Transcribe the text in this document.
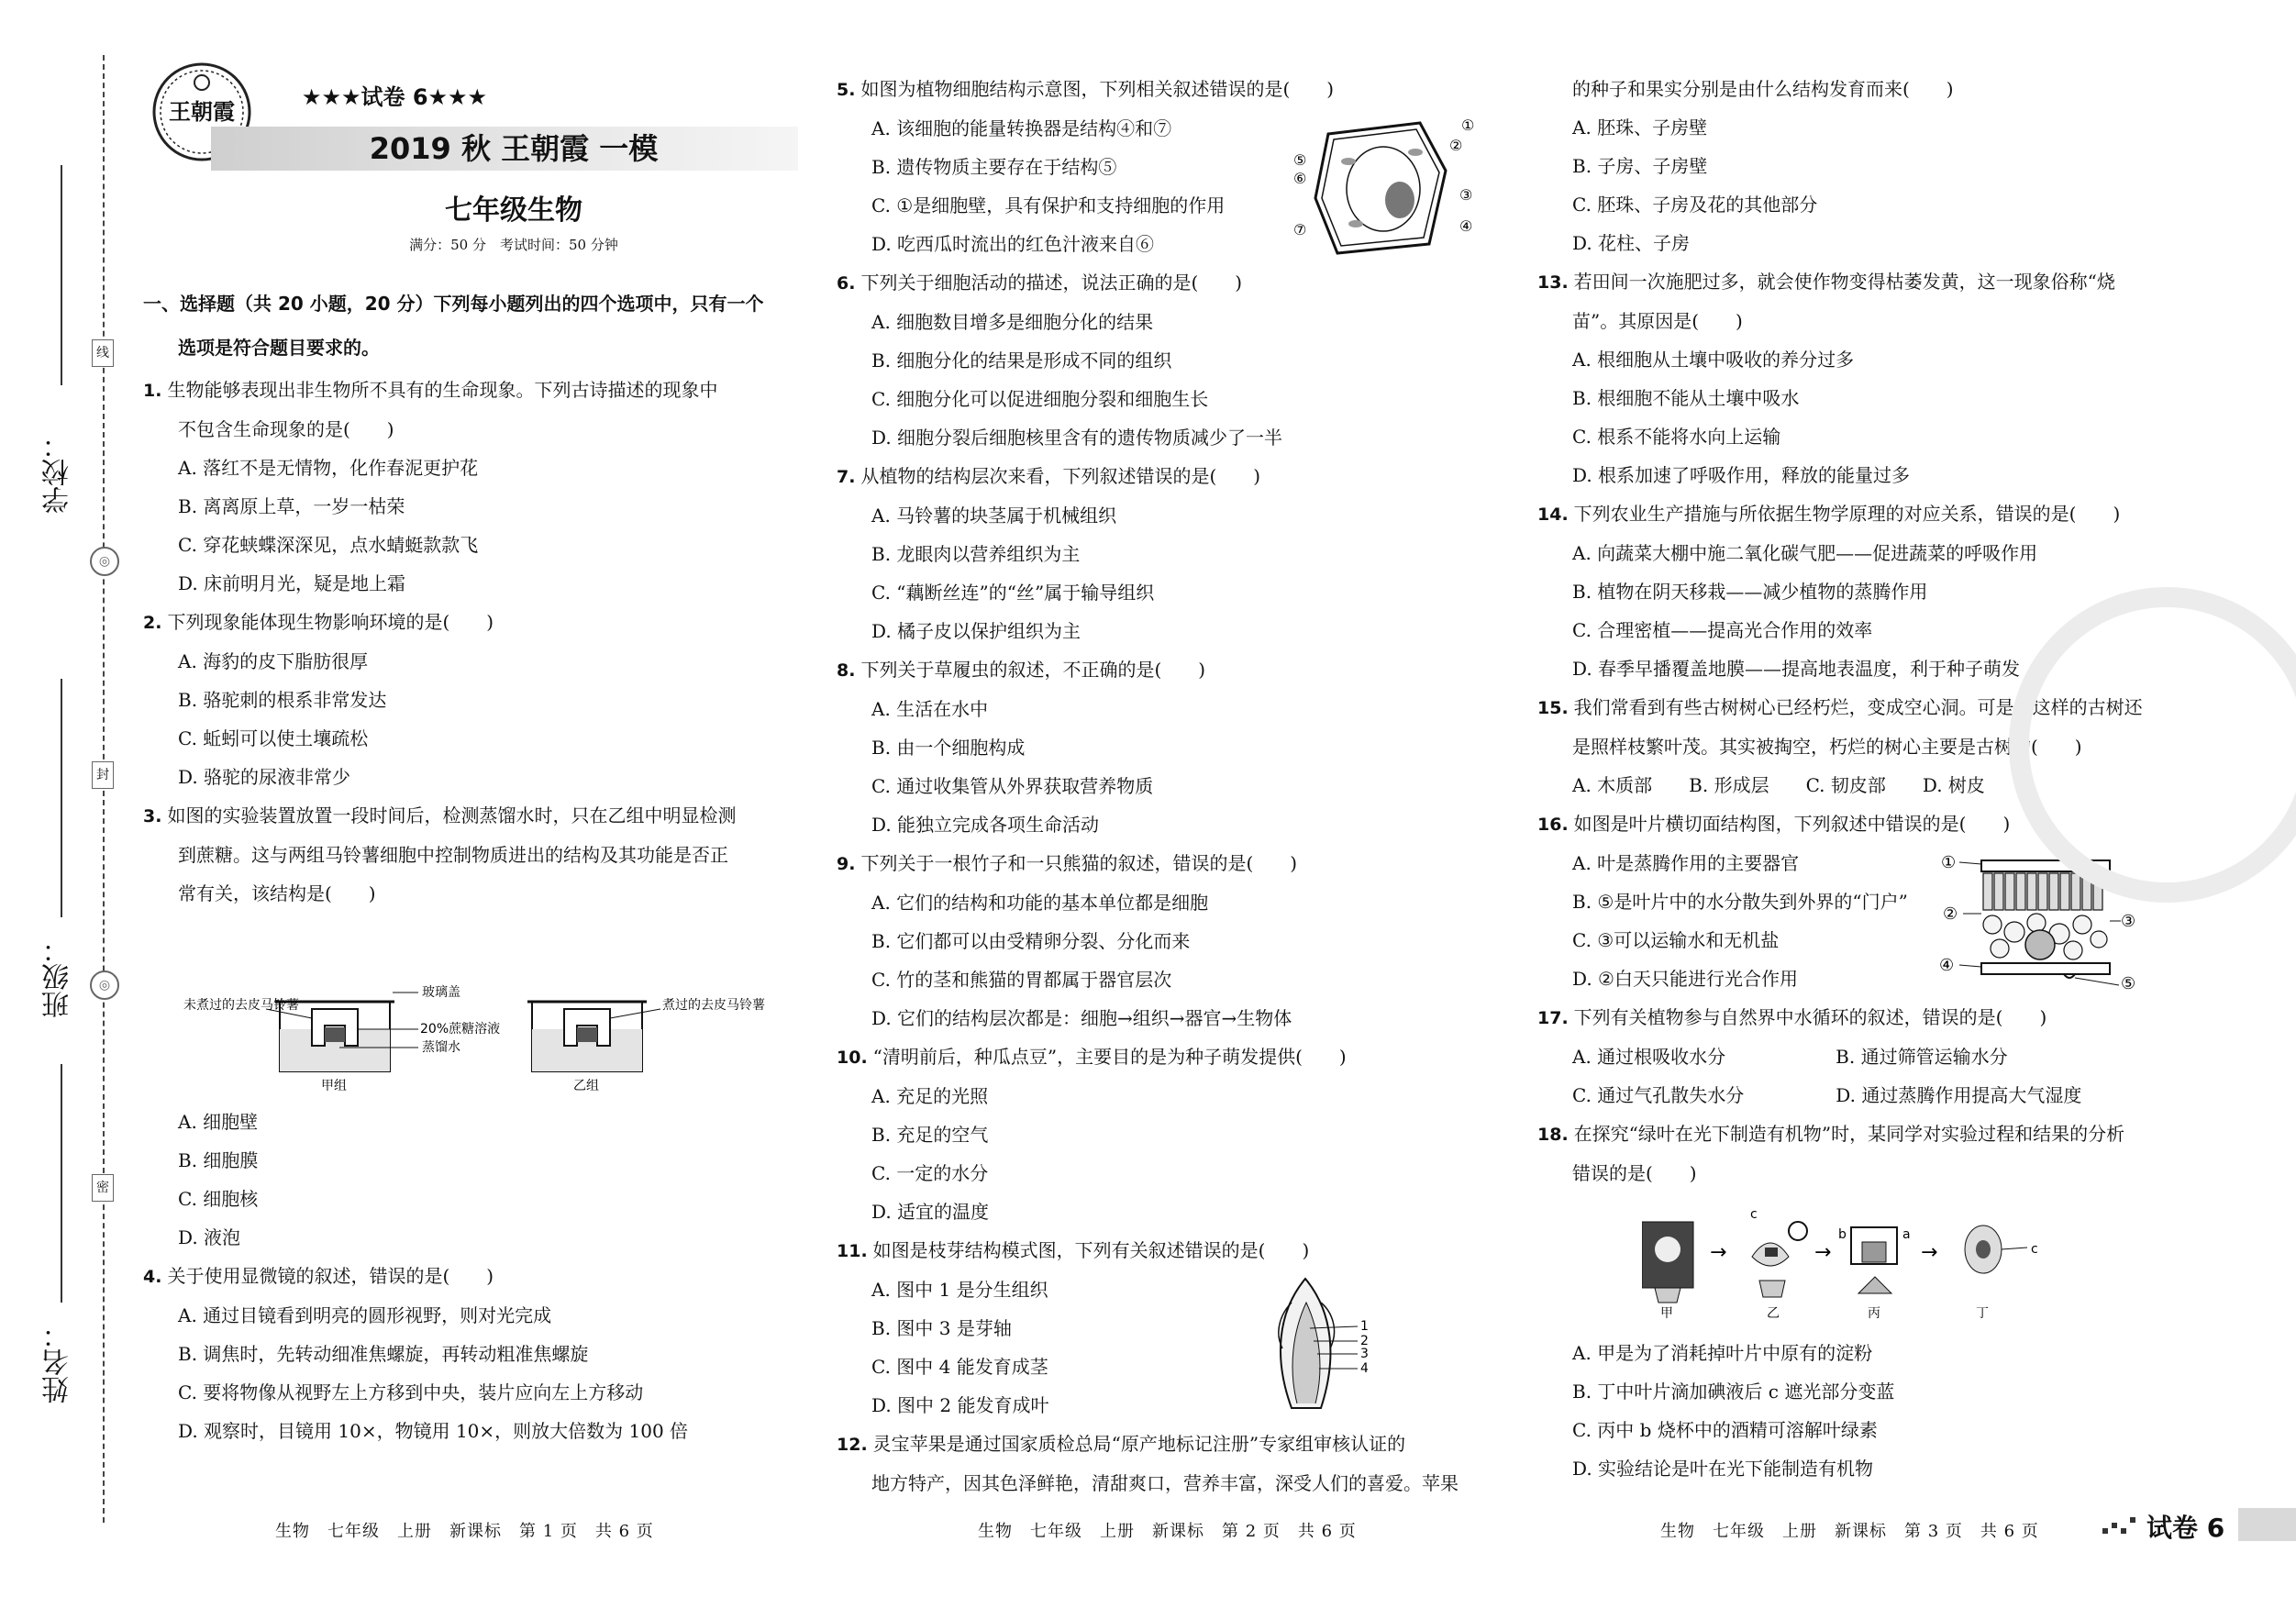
学校：
班级：
姓名：
线
封
密
◎
◎
王朝霞
★★★试卷 6★★★
2019 秋 王朝霞 一模
七年级生物
满分：50 分　考试时间：50 分钟
一、选择题（共 20 小题，20 分）下列每小题列出的四个选项中，只有一个
选项是符合题目要求的。
1. 生物能够表现出非生物所不具有的生命现象。下列古诗描述的现象中
不包含生命现象的是(　　)
A. 落红不是无情物，化作春泥更护花
B. 离离原上草，一岁一枯荣
C. 穿花蛱蝶深深见，点水蜻蜓款款飞
D. 床前明月光，疑是地上霜
2. 下列现象能体现生物影响环境的是(　　)
A. 海豹的皮下脂肪很厚
B. 骆驼刺的根系非常发达
C. 蚯蚓可以使土壤疏松
D. 骆驼的尿液非常少
3. 如图的实验装置放置一段时间后，检测蒸馏水时，只在乙组中明显检测
到蔗糖。这与两组马铃薯细胞中控制物质进出的结构及其功能是否正
常有关，该结构是(　　)
玻璃盖
20%蔗糖溶液
蒸馏水
未煮过的去皮马铃薯	煮过的去皮马铃薯
甲组	乙组
A. 细胞壁
B. 细胞膜
C. 细胞核
D. 液泡
4. 关于使用显微镜的叙述，错误的是(　　)
A. 通过目镜看到明亮的圆形视野，则对光完成
B. 调焦时，先转动细准焦螺旋，再转动粗准焦螺旋
C. 要将物像从视野左上方移到中央，装片应向左上方移动
D. 观察时，目镜用 10×，物镜用 10×，则放大倍数为 100 倍
5. 如图为植物细胞结构示意图，下列相关叙述错误的是(　　)
A. 该细胞的能量转换器是结构④和⑦
B. 遗传物质主要存在于结构⑤
C. ①是细胞壁，具有保护和支持细胞的作用
D. 吃西瓜时流出的红色汁液来自⑥
6. 下列关于细胞活动的描述，说法正确的是(　　)
A. 细胞数目增多是细胞分化的结果
B. 细胞分化的结果是形成不同的组织
C. 细胞分化可以促进细胞分裂和细胞生长
D. 细胞分裂后细胞核里含有的遗传物质减少了一半
7. 从植物的结构层次来看，下列叙述错误的是(　　)
A. 马铃薯的块茎属于机械组织
B. 龙眼肉以营养组织为主
C. “藕断丝连”的“丝”属于输导组织
D. 橘子皮以保护组织为主
8. 下列关于草履虫的叙述，不正确的是(　　)
A. 生活在水中
B. 由一个细胞构成
C. 通过收集管从外界获取营养物质
D. 能独立完成各项生命活动
9. 下列关于一根竹子和一只熊猫的叙述，错误的是(　　)
A. 它们的结构和功能的基本单位都是细胞
B. 它们都可以由受精卵分裂、分化而来
C. 竹的茎和熊猫的胃都属于器官层次
D. 它们的结构层次都是：细胞→组织→器官→生物体
10. “清明前后，种瓜点豆”，主要目的是为种子萌发提供(　　)
A. 充足的光照
B. 充足的空气
C. 一定的水分
D. 适宜的温度
11. 如图是枝芽结构模式图，下列有关叙述错误的是(　　)
A. 图中 1 是分生组织
B. 图中 3 是芽轴
C. 图中 4 能发育成茎
D. 图中 2 能发育成叶
12. 灵宝苹果是通过国家质检总局“原产地标记注册”专家组审核认证的
地方特产，因其色泽鲜艳，清甜爽口，营养丰富，深受人们的喜爱。苹果
①
②
③
④
⑤
⑥
⑦
1
2
3
4
的种子和果实分别是由什么结构发育而来(　　)
A. 胚珠、子房壁
B. 子房、子房壁
C. 胚珠、子房及花的其他部分
D. 花柱、子房
13. 若田间一次施肥过多，就会使作物变得枯萎发黄，这一现象俗称“烧
苗”。其原因是(　　)
A. 根细胞从土壤中吸收的养分过多
B. 根细胞不能从土壤中吸水
C. 根系不能将水向上运输
D. 根系加速了呼吸作用，释放的能量过多
14. 下列农业生产措施与所依据生物学原理的对应关系，错误的是(　　)
A. 向蔬菜大棚中施二氧化碳气肥——促进蔬菜的呼吸作用
B. 植物在阴天移栽——减少植物的蒸腾作用
C. 合理密植——提高光合作用的效率
D. 春季早播覆盖地膜——提高地表温度，利于种子萌发
15. 我们常看到有些古树树心已经朽烂，变成空心洞。可是，这样的古树还
是照样枝繁叶茂。其实被掏空，朽烂的树心主要是古树的(　　)
A. 木质部　　B. 形成层　　C. 韧皮部　　D. 树皮
16. 如图是叶片横切面结构图，下列叙述中错误的是(　　)
A. 叶是蒸腾作用的主要器官
B. ⑤是叶片中的水分散失到外界的“门户”
C. ③可以运输水和无机盐
D. ②白天只能进行光合作用
17. 下列有关植物参与自然界中水循环的叙述，错误的是(　　)
A. 通过根吸收水分　　　　　　B. 通过筛管运输水分
C. 通过气孔散失水分　　　　　D. 通过蒸腾作用提高大气湿度
18. 在探究“绿叶在光下制造有机物”时，某同学对实验过程和结果的分析
错误的是(　　)
①
②	③
④
⑤
→
c
→
b	a
→	c
甲	乙	丙	丁
A. 甲是为了消耗掉叶片中原有的淀粉
B. 丁中叶片滴加碘液后 c 遮光部分变蓝
C. 丙中 b 烧杯中的酒精可溶解叶绿素
D. 实验结论是叶在光下能制造有机物
生物　七年级　上册　新课标　第 1 页　共 6 页	生物　七年级　上册　新课标　第 2 页　共 6 页	生物　七年级　上册　新课标　第 3 页　共 6 页	试卷 6
